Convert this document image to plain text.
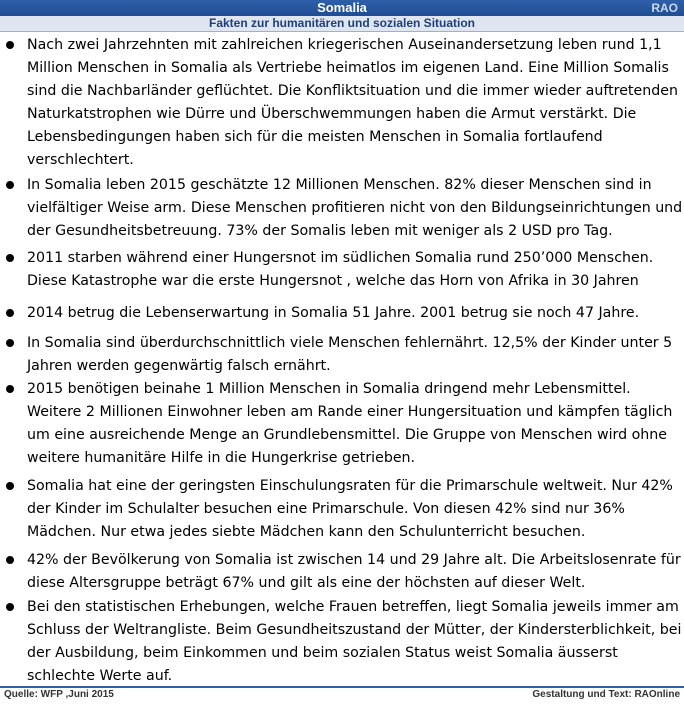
Somalia	RAO
Fakten zur humanitären und sozialen Situation
Nach zwei Jahrzehnten mit zahlreichen kriegerischen Auseinandersetzung leben rund 1,1 Million Menschen in Somalia als Vertriebe heimatlos im eigenen Land. Eine Million Somalis sind die Nachbarländer geflüchtet. Die Konfliktsituation und die immer wieder auftretenden Naturkatstrophen wie Dürre und Überschwemmungen haben die Armut verstärkt. Die Lebensbedingungen haben sich für die meisten Menschen in Somalia fortlaufend verschlechtert.
In Somalia leben 2015 geschätzte 12 Millionen Menschen. 82% dieser Menschen sind in vielfältiger Weise arm. Diese Menschen profitieren nicht von den Bildungseinrichtungen und der Gesundheitsbetreuung. 73% der Somalis leben mit weniger als 2 USD pro Tag.
2011 starben während einer Hungersnot im südlichen Somalia rund 250’000 Menschen. Diese Katastrophe war die erste Hungersnot , welche das Horn von Afrika in 30 Jahren
2014 betrug die Lebenserwartung in Somalia 51 Jahre. 2001 betrug sie noch 47 Jahre.
In Somalia sind überdurchschnittlich viele Menschen fehlernährt. 12,5% der Kinder unter 5 Jahren werden gegenwärtig falsch ernährt.
2015 benötigen beinahe 1 Million Menschen in Somalia dringend mehr Lebensmittel. Weitere 2 Millionen Einwohner leben am Rande einer Hungersituation und kämpfen täglich um eine ausreichende Menge an Grundlebensmittel. Die Gruppe von Menschen wird ohne weitere humanitäre Hilfe in die Hungerkrise getrieben.
Somalia hat eine der geringsten Einschulungsraten für die Primarschule weltweit. Nur 42% der Kinder im Schulalter besuchen eine Primarschule. Von diesen 42% sind nur 36% Mädchen. Nur etwa jedes siebte Mädchen kann den Schulunterricht besuchen.
42% der Bevölkerung von Somalia ist zwischen 14 und 29 Jahre alt. Die Arbeitslosenrate für diese Altersgruppe beträgt 67% und gilt als eine der höchsten auf dieser Welt.
Bei den statistischen Erhebungen, welche Frauen betreffen, liegt Somalia jeweils immer am Schluss der Weltrangliste. Beim Gesundheitszustand der Mütter, der Kindersterblichkeit, bei der Ausbildung, beim Einkommen und beim sozialen Status weist Somalia äusserst schlechte Werte auf.
Quelle: WFP ,Juni 2015	Gestaltung und Text: RAOnline
